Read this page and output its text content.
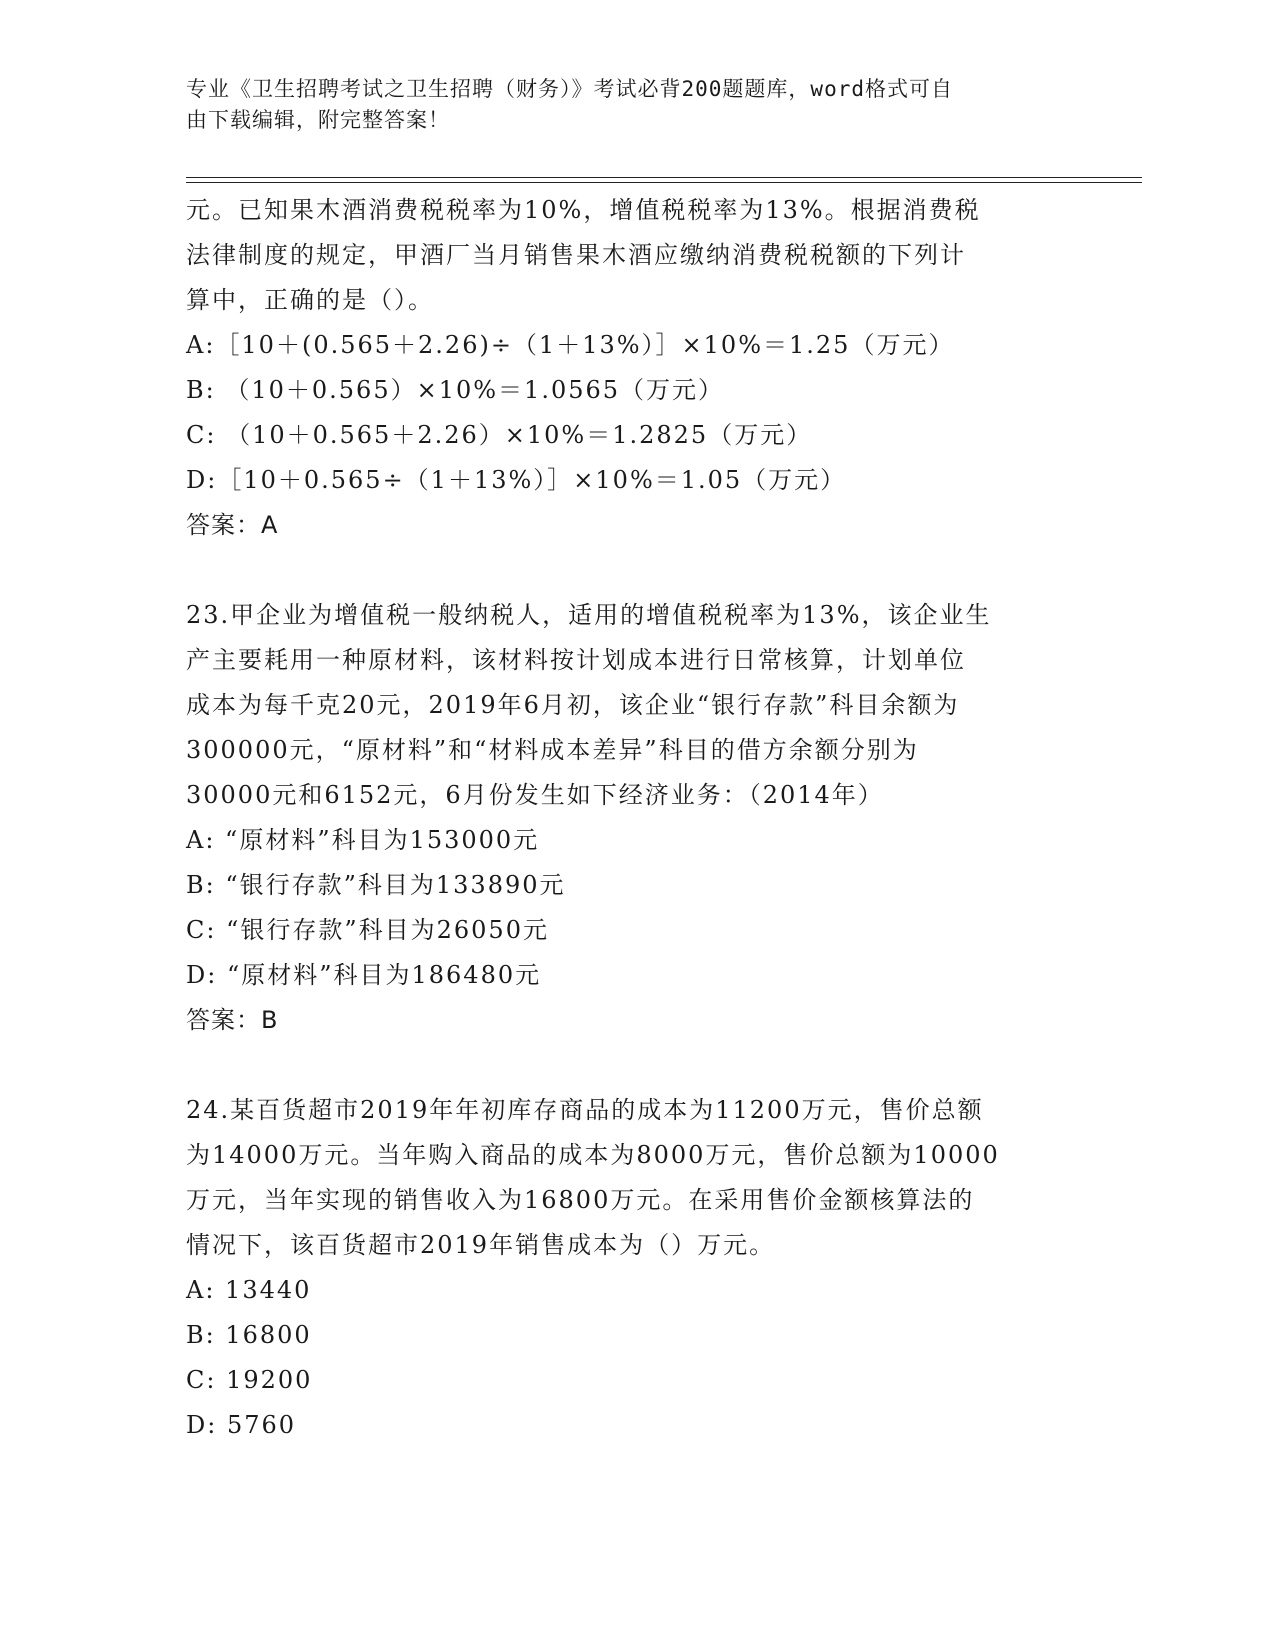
专业《卫生招聘考试之卫生招聘（财务）》考试必背200题题库，word格式可自
由下载编辑，附完整答案！
元。已知果木酒消费税税率为10%，增值税税率为13%。根据消费税
法律制度的规定，甲酒厂当月销售果木酒应缴纳消费税税额的下列计
算中，正确的是（）。
A:［10＋(0.565＋2.26)÷（1＋13%）］×10%＝1.25（万元）
B: （10＋0.565）×10%＝1.0565（万元）
C: （10＋0.565＋2.26）×10%＝1.2825（万元）
D:［10＋0.565÷（1＋13%）］×10%＝1.05（万元）
答案：A
23.甲企业为增值税一般纳税人，适用的增值税税率为13%，该企业生
产主要耗用一种原材料，该材料按计划成本进行日常核算，计划单位
成本为每千克20元，2019年6月初，该企业“银行存款”科目余额为
300000元，“原材料”和“材料成本差异”科目的借方余额分别为
30000元和6152元，6月份发生如下经济业务：（2014年）
A: “原材料”科目为153000元
B: “银行存款”科目为133890元
C: “银行存款”科目为26050元
D: “原材料”科目为186480元
答案：B
24.某百货超市2019年年初库存商品的成本为11200万元，售价总额
为14000万元。当年购入商品的成本为8000万元，售价总额为10000
万元，当年实现的销售收入为16800万元。在采用售价金额核算法的
情况下，该百货超市2019年销售成本为（）万元。
A: 13440
B: 16800
C: 19200
D: 5760
